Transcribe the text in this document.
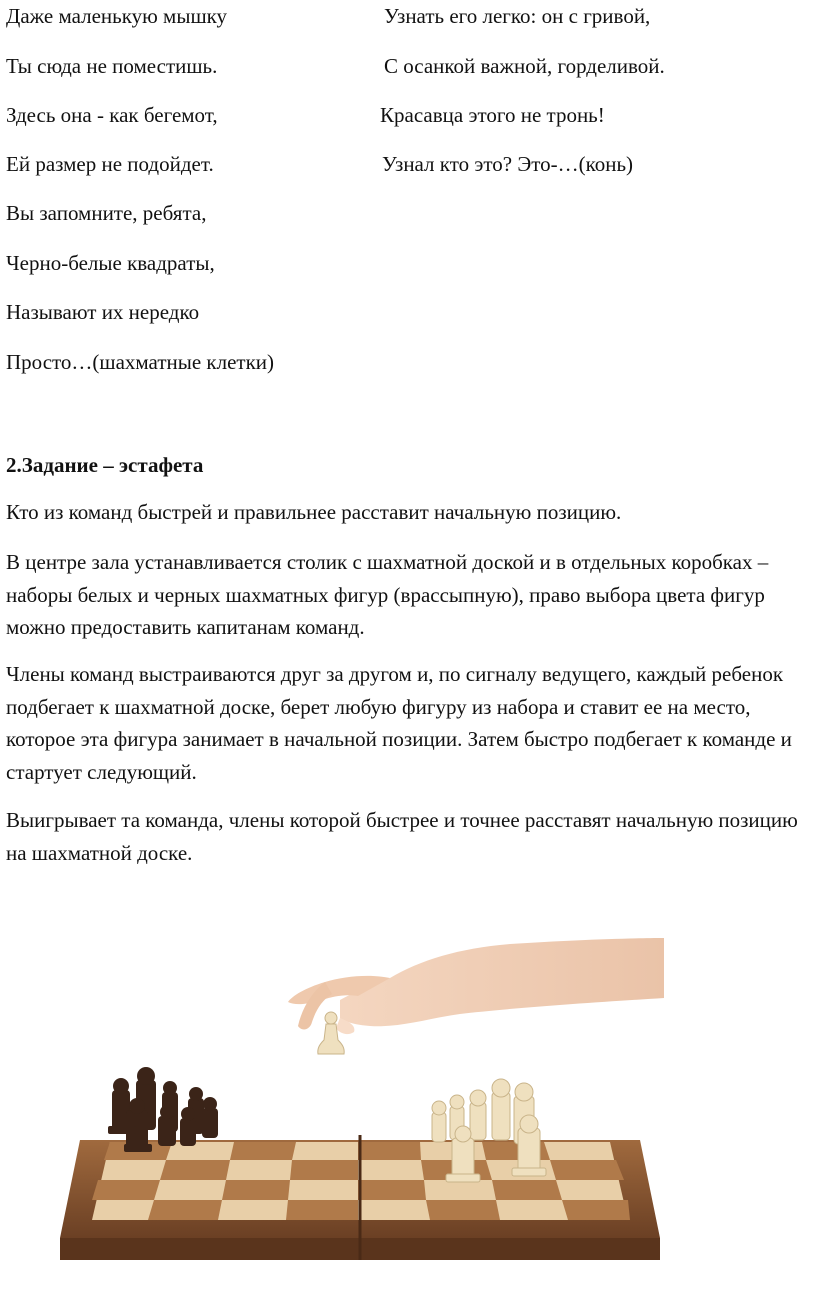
Даже маленькую мышку
Ты сюда не поместишь.
Здесь она - как бегемот,
Ей размер не подойдет.
Вы запомните, ребята,
Черно-белые квадраты,
Называют их нередко
Просто…(шахматные клетки)
Узнать его легко: он с гривой,
С осанкой важной, горделивой.
Красавца этого не тронь!
Узнал кто это? Это-…(конь)
2.Задание – эстафета

Кто из команд быстрей и правильнее расставит начальную позицию.

В центре зала устанавливается столик с шахматной доской и в отдельных коробках – наборы белых и черных шахматных фигур (врассыпную), право выбора цвета фигур можно предоставить капитанам команд.

Члены команд выстраиваются друг за другом и, по сигналу ведущего, каждый ребенок подбегает к шахматной доске, берет любую фигуру из набора и ставит ее на место, которое эта фигура занимает в начальной позиции. Затем быстро подбегает к команде и стартует следующий.

Выигрывает та команда, члены которой быстрее и точнее расставят начальную позицию на шахматной доске.
